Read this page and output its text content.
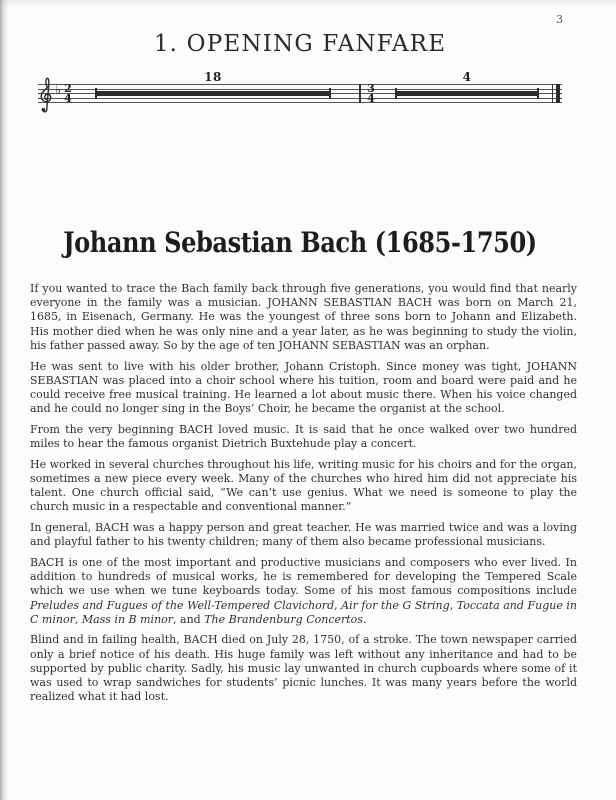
3
1. OPENING FANFARE
♭ 2
4
18
3
4
4
Johann Sebastian Bach (1685-1750)

If you wanted to trace the Bach family back through five generations, you would find that nearly everyone in the family was a musician. JOHANN SEBASTIAN BACH was born on March 21, 1685, in Eisenach, Germany. He was the youngest of three sons born to Johann and Elizabeth. His mother died when he was only nine and a year later, as he was beginning to study the violin, his father passed away. So by the age of ten JOHANN SEBASTIAN was an orphan.

He was sent to live with his older brother, Johann Cristoph. Since money was tight, JOHANN SEBASTIAN was placed into a choir school where his tuition, room and board were paid and he could receive free musical training. He learned a lot about music there. When his voice changed and he could no longer sing in the Boys’ Choir, he became the organist at the school.

From the very beginning BACH loved music. It is said that he once walked over two hundred miles to hear the famous organist Dietrich Buxtehude play a concert.

He worked in several churches throughout his life, writing music for his choirs and for the organ, sometimes a new piece every week. Many of the churches who hired him did not appreciate his talent. One church official said, “We can’t use genius. What we need is someone to play the church music in a respectable and conventional manner.”

In general, BACH was a happy person and great teacher. He was married twice and was a loving and playful father to his twenty children; many of them also became professional musicians.

BACH is one of the most important and productive musicians and composers who ever lived. In addition to hundreds of musical works, he is remembered for developing the Tempered Scale which we use when we tune keyboards today. Some of his most famous compositions include Preludes and Fugues of the Well-Tempered Clavichord, Air for the G String, Toccata and Fugue in C minor, Mass in B minor, and The Brandenburg Concertos.

Blind and in failing health, BACH died on July 28, 1750, of a stroke. The town newspaper carried only a brief notice of his death. His huge family was left without any inheritance and had to be supported by public charity. Sadly, his music lay unwanted in church cupboards where some of it was used to wrap sandwiches for students’ picnic lunches. It was many years before the world realized what it had lost.
